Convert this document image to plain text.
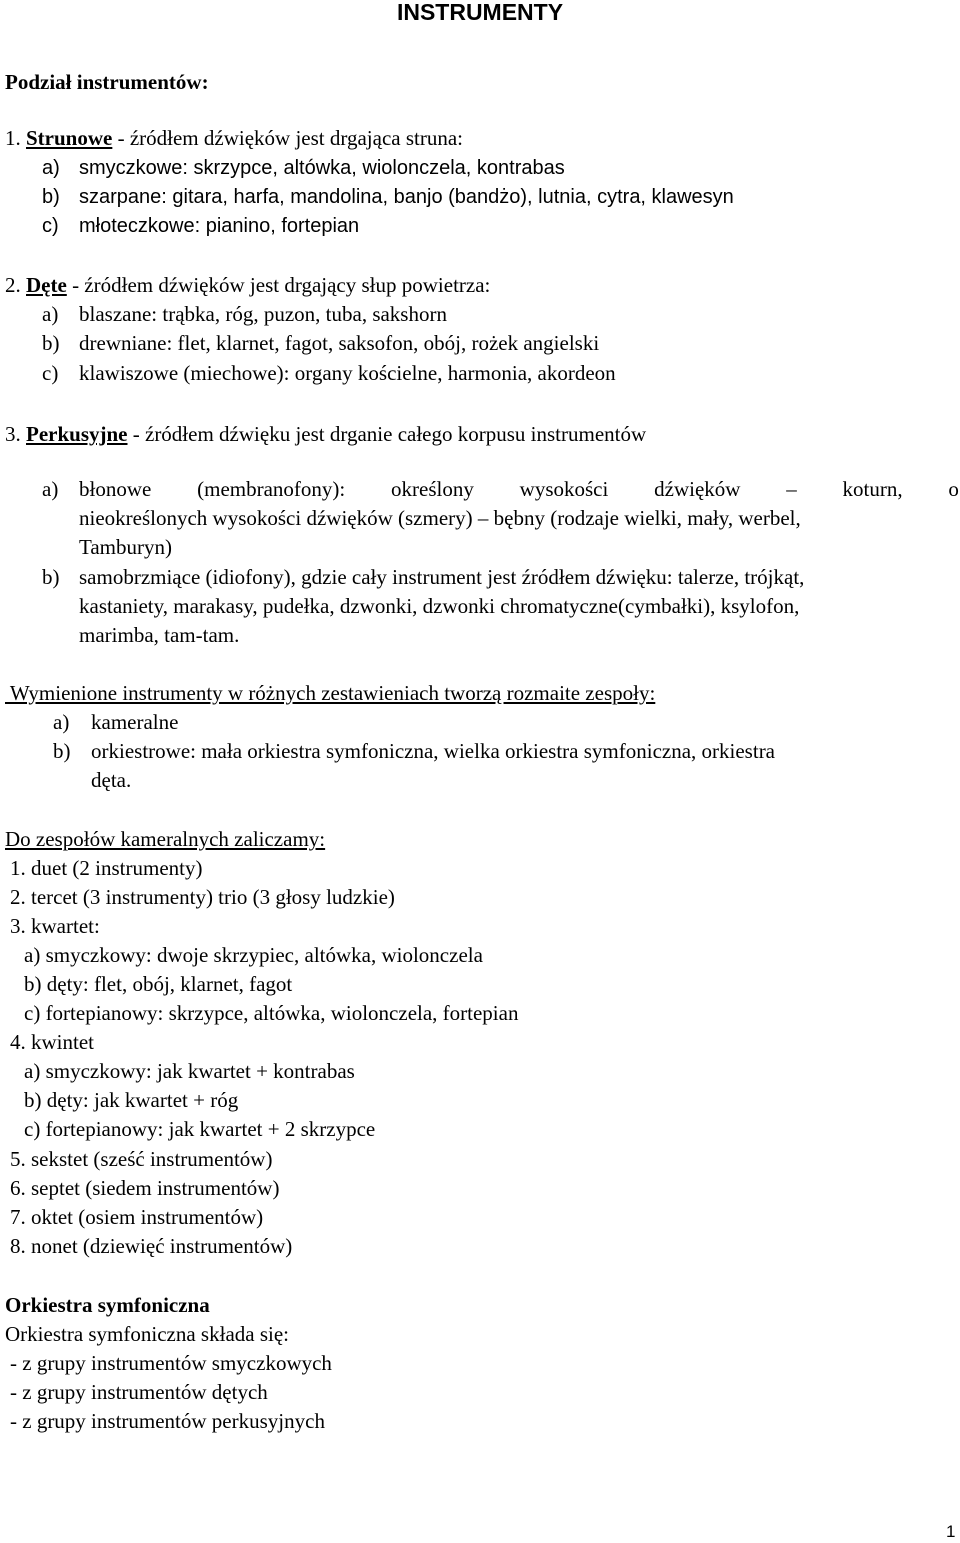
INSTRUMENTY
Podział instrumentów:
1. Strunowe - źródłem dźwięków jest drgająca struna:
a) smyczkowe: skrzypce, altówka, wiolonczela, kontrabas
b) szarpane: gitara, harfa, mandolina, banjo (bandżo), lutnia, cytra, klawesyn
c) młoteczkowe: pianino, fortepian
2. Dęte - źródłem dźwięków jest drgający słup powietrza:
a) blaszane: trąbka, róg, puzon, tuba, sakshorn
b) drewniane: flet, klarnet, fagot, saksofon, obój, rożek angielski
c) klawiszowe (miechowe): organy kościelne, harmonia, akordeon
3. Perkusyjne - źródłem dźwięku jest drganie całego korpusu instrumentów
a) błonowe (membranofony): określony wysokości dźwięków – koturn, o
nieokreślonych wysokości dźwięków (szmery) – bębny (rodzaje wielki, mały, werbel,
Tamburyn)
b) samobrzmiące (idiofony), gdzie cały instrument jest źródłem dźwięku: talerze, trójkąt,
kastaniety, marakasy, pudełka, dzwonki, dzwonki chromatyczne(cymbałki), ksylofon,
marimba, tam-tam.
Wymienione instrumenty w różnych zestawieniach tworzą rozmaite zespoły:
a) kameralne
b) orkiestrowe: mała orkiestra symfoniczna, wielka orkiestra symfoniczna, orkiestra
dęta.
Do zespołów kameralnych zaliczamy:
1. duet (2 instrumenty)
2. tercet (3 instrumenty) trio (3 głosy ludzkie)
3. kwartet:
a) smyczkowy: dwoje skrzypiec, altówka, wiolonczela
b) dęty: flet, obój, klarnet, fagot
c) fortepianowy: skrzypce, altówka, wiolonczela, fortepian
4. kwintet
a) smyczkowy: jak kwartet + kontrabas
b) dęty: jak kwartet + róg
c) fortepianowy: jak kwartet + 2 skrzypce
5. sekstet (sześć instrumentów)
6. septet (siedem instrumentów)
7. oktet (osiem instrumentów)
8. nonet (dziewięć instrumentów)
Orkiestra symfoniczna
Orkiestra symfoniczna składa się:
- z grupy instrumentów smyczkowych
- z grupy instrumentów dętych
- z grupy instrumentów perkusyjnych
1
